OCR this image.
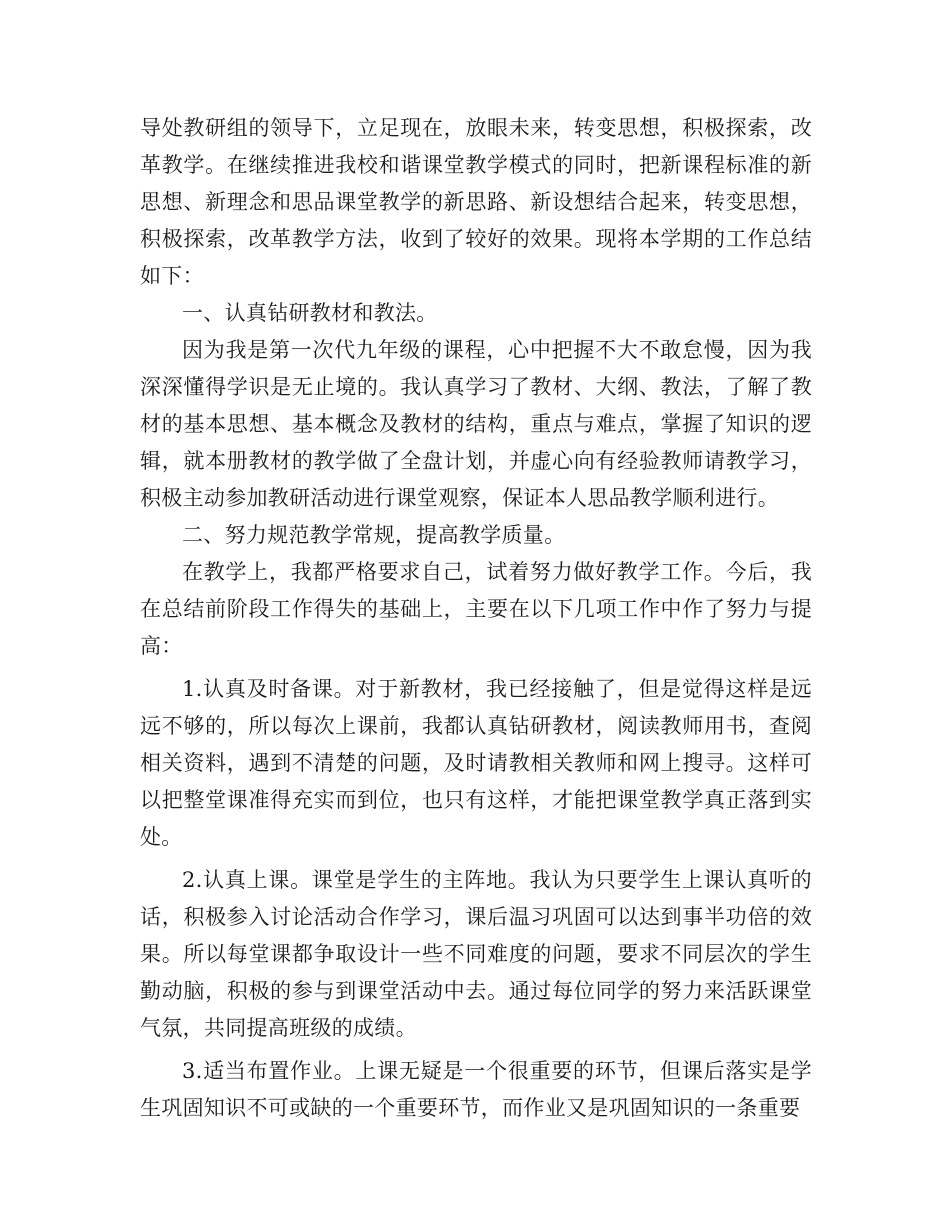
导处教研组的领导下，立足现在，放眼未来，转变思想，积极探索，改革教学。在继续推进我校和谐课堂教学模式的同时，把新课程标准的新思想、新理念和思品课堂教学的新思路、新设想结合起来，转变思想，积极探索，改革教学方法，收到了较好的效果。现将本学期的工作总结如下：

一、认真钻研教材和教法。

因为我是第一次代九年级的课程，心中把握不大不敢怠慢，因为我深深懂得学识是无止境的。我认真学习了教材、大纲、教法，了解了教材的基本思想、基本概念及教材的结构，重点与难点，掌握了知识的逻辑，就本册教材的教学做了全盘计划，并虚心向有经验教师请教学习，积极主动参加教研活动进行课堂观察，保证本人思品教学顺利进行。

二、努力规范教学常规，提高教学质量。

在教学上，我都严格要求自己，试着努力做好教学工作。今后，我在总结前阶段工作得失的基础上，主要在以下几项工作中作了努力与提高：

1.认真及时备课。对于新教材，我已经接触了，但是觉得这样是远远不够的，所以每次上课前，我都认真钻研教材，阅读教师用书，查阅相关资料，遇到不清楚的问题，及时请教相关教师和网上搜寻。这样可以把整堂课准得充实而到位，也只有这样，才能把课堂教学真正落到实处。

2.认真上课。课堂是学生的主阵地。我认为只要学生上课认真听的话，积极参入讨论活动合作学习，课后温习巩固可以达到事半功倍的效果。所以每堂课都争取设计一些不同难度的问题，要求不同层次的学生勤动脑，积极的参与到课堂活动中去。通过每位同学的努力来活跃课堂气氛，共同提高班级的成绩。

3.适当布置作业。上课无疑是一个很重要的环节，但课后落实是学生巩固知识不可或缺的一个重要环节，而作业又是巩固知识的一条重要
